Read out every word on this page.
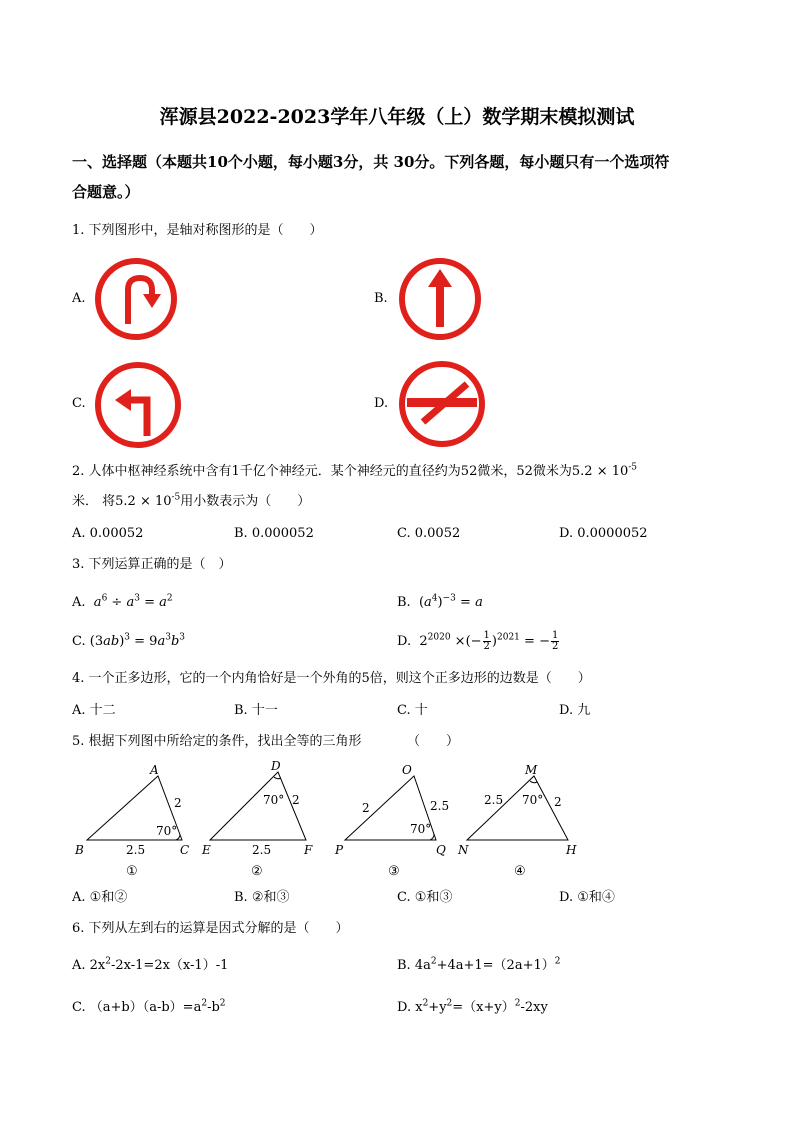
浑源县2022-2023学年八年级（上）数学期末模拟测试
一、选择题（本题共10个小题，每小题3分，共 30分。下列各题，每小题只有一个选项符
合题意。）
1. 下列图形中，是轴对称图形的是（　　）
A.	B.
C.	D.
2. 人体中枢神经系统中含有1千亿个神经元．某个神经元的直径约为52微米，52微米为$5.2 \times 10^{-5}$
米． 将$5.2 \times 10^{-5}$用小数表示为（　　）
A. 0.00052	B. 0.000052	C. 0.0052	D. 0.0000052
3. 下列运算正确的是（　）
A. $a^6 \div a^3 = a^2$	B.  $(a^4)^{-3} = a$
C. $(3ab)^3 = 9a^3b^3$	D.  $2^{2020}$ ×(− $\frac{1}{2} )^{2021}$ = − $\frac{1}{2}$
4. 一个正多边形，它的一个内角恰好是一个外角的5倍，则这个正多边形的边数是（　　）
A. 十二	B. 十一	C. 十	D. 九
5. 根据下列图中所给定的条件，找出全等的三角形　　　　（　　）
A
B	C
2
2.5
70°
①
D
E	F
2
2.5
70°
②
O
P	Q
2	2.5
70°
③
M
N	H
2.5	2
70°
④
A. ①和②	B. ②和③	C. ①和③	D. ①和④
6. 下列从左到右的运算是因式分解的是（　　）
A. $2x^2-2x-1=2x(x-1)-1$	B. $4a^2+4a+1=(2a+1)^2$
C. $(a+b)(a-b)=a^2-b^2$	D. $x^2+y^2=(x+y)^2-2xy$
